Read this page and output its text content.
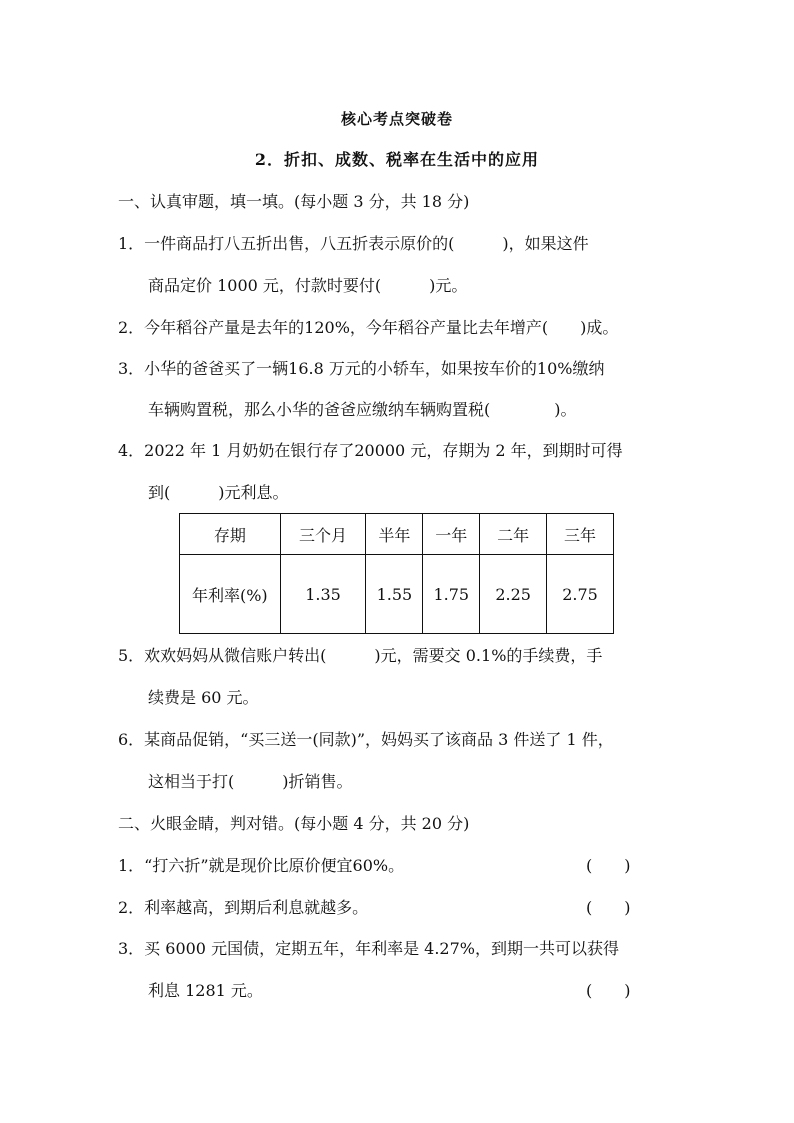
核心考点突破卷
2．折扣、成数、税率在生活中的应用
一、认真审题，填一填。(每小题 3 分，共 18 分)
1．一件商品打八五折出售，八五折表示原价的(　　　)，如果这件
商品定价 1000 元，付款时要付(　　　)元。
2．今年稻谷产量是去年的120%，今年稻谷产量比去年增产(　　)成。
3．小华的爸爸买了一辆16.8 万元的小轿车，如果按车价的10%缴纳
车辆购置税，那么小华的爸爸应缴纳车辆购置税(　　　　)。
4．2022 年 1 月奶奶在银行存了20000 元，存期为 2 年，到期时可得
到(　　　)元利息。
存期	三个月	半年	一年	二年	三年
年利率(%)	1.35	1.55	1.75	2.25	2.75
5．欢欢妈妈从微信账户转出(　　　)元，需要交 0.1%的手续费，手
续费是 60 元。
6．某商品促销，“买三送一(同款)”，妈妈买了该商品 3 件送了 1 件，
这相当于打(　　　)折销售。
二、火眼金睛，判对错。(每小题 4 分，共 20 分)
1．“打六折”就是现价比原价便宜60%。	(　　)
2．利率越高，到期后利息就越多。	(　　)
3．买 6000 元国债，定期五年，年利率是 4.27%，到期一共可以获得
利息 1281 元。	(　　)
